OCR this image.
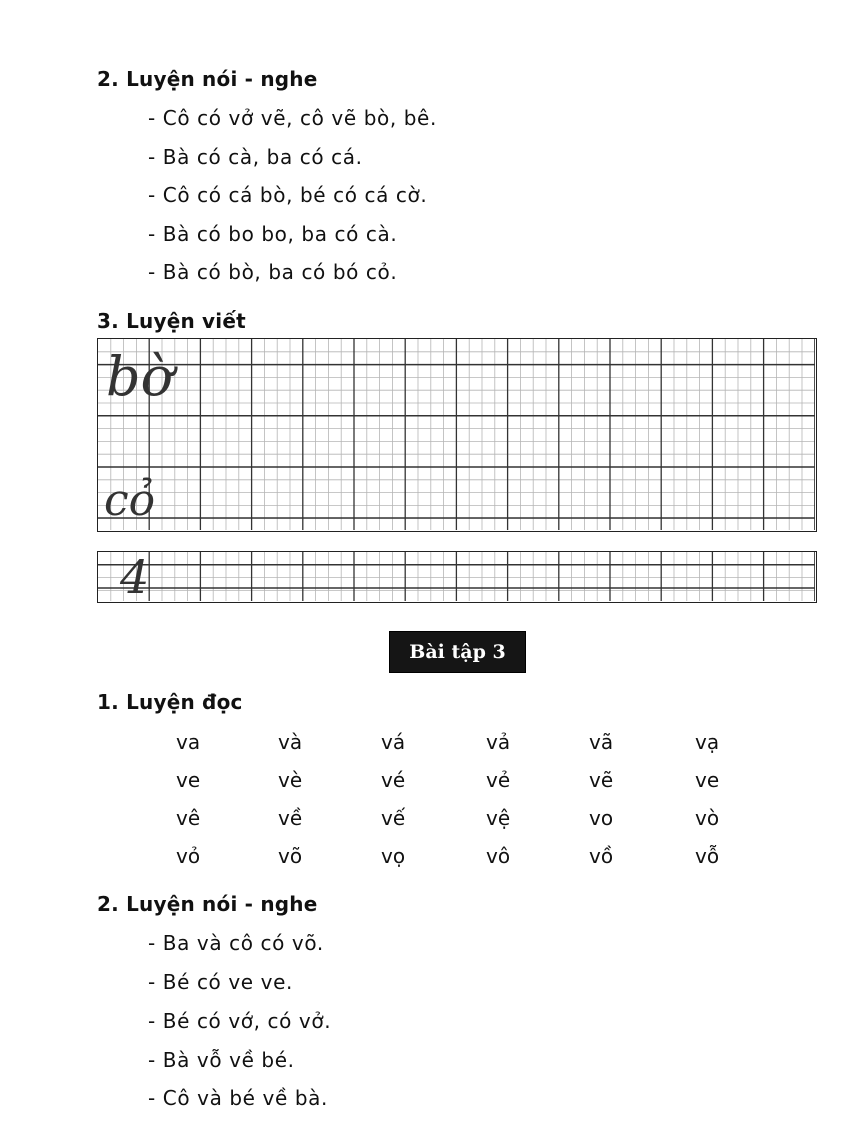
2. Luyện nói - nghe
- Cô có vở vẽ, cô vẽ bò, bê.
- Bà có cà, ba có cá.
- Cô có cá bò, bé có cá cờ.
- Bà có bo bo, ba có cà.
- Bà có bò, ba có bó cỏ.
3. Luyện viết
bờ
cỏ
4
Bài tập 3
1. Luyện đọc
va	và	vá	vả	vã	vạ
ve	vè	vé	vẻ	vẽ	ve
vê	về	vế	vệ	vo	vò
vỏ	võ	vọ	vô	vồ	vỗ
2. Luyện nói - nghe
- Ba và cô có võ.
- Bé có ve ve.
- Bé có vớ, có vở.
- Bà vỗ về bé.
- Cô và bé về bà.
